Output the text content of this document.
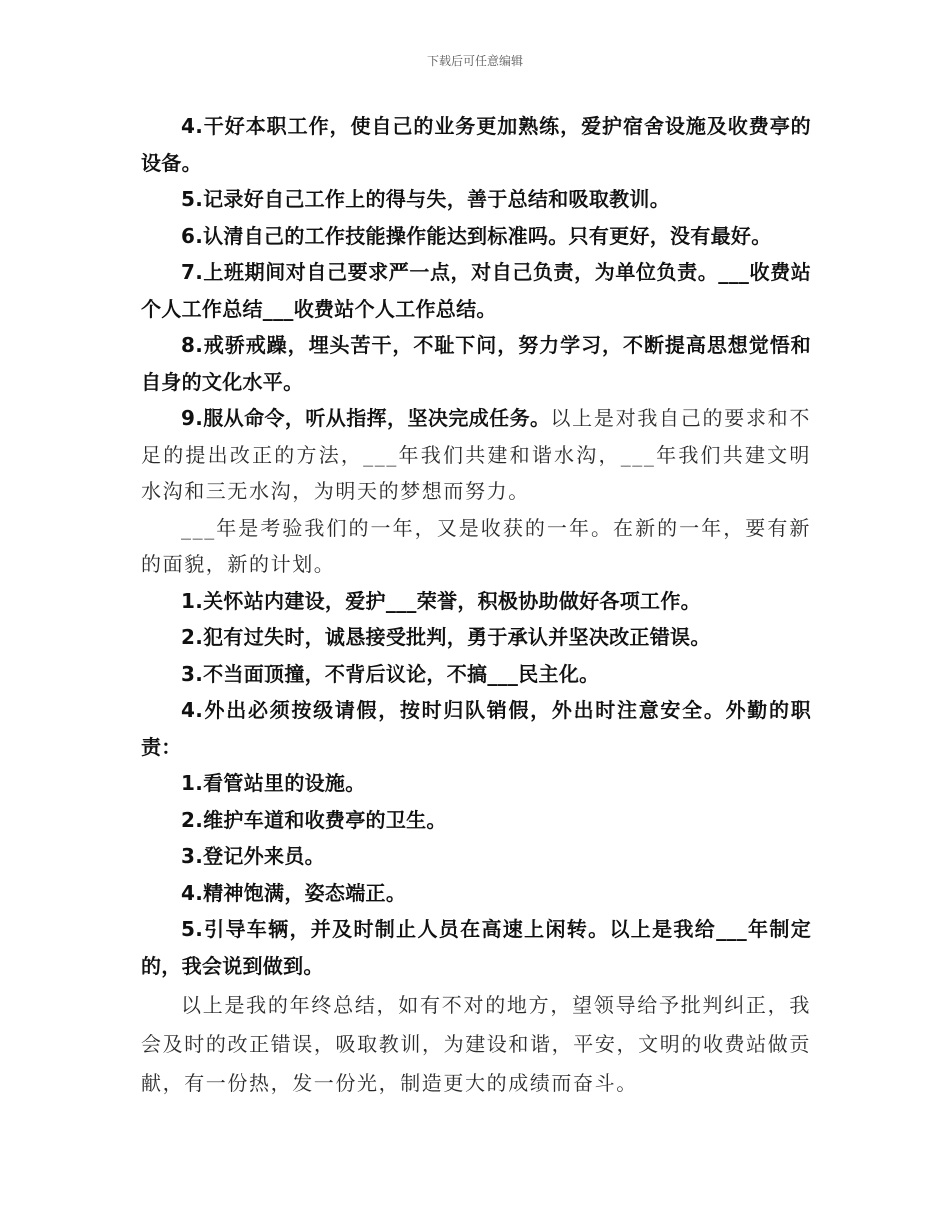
下载后可任意编辑

4.干好本职工作，使自己的业务更加熟练，爱护宿舍设施及收费亭的设备。

5.记录好自己工作上的得与失，善于总结和吸取教训。

6.认清自己的工作技能操作能达到标准吗。只有更好，没有最好。

7.上班期间对自己要求严一点，对自己负责，为单位负责。___收费站个人工作总结___收费站个人工作总结。

8.戒骄戒躁，埋头苦干，不耻下问，努力学习，不断提高思想觉悟和自身的文化水平。

9.服从命令，听从指挥，坚决完成任务。以上是对我自己的要求和不足的提出改正的方法，___年我们共建和谐水沟，___年我们共建文明水沟和三无水沟，为明天的梦想而努力。

___年是考验我们的一年，又是收获的一年。在新的一年，要有新的面貌，新的计划。

1.关怀站内建设，爱护___荣誉，积极协助做好各项工作。

2.犯有过失时，诚恳接受批判，勇于承认并坚决改正错误。

3.不当面顶撞，不背后议论，不搞___民主化。

4.外出必须按级请假，按时归队销假，外出时注意安全。外勤的职责：

1.看管站里的设施。

2.维护车道和收费亭的卫生。

3.登记外来员。

4.精神饱满，姿态端正。

5.引导车辆，并及时制止人员在高速上闲转。以上是我给___年制定的，我会说到做到。

以上是我的年终总结，如有不对的地方，望领导给予批判纠正，我会及时的改正错误，吸取教训，为建设和谐，平安，文明的收费站做贡献，有一份热，发一份光，制造更大的成绩而奋斗。
